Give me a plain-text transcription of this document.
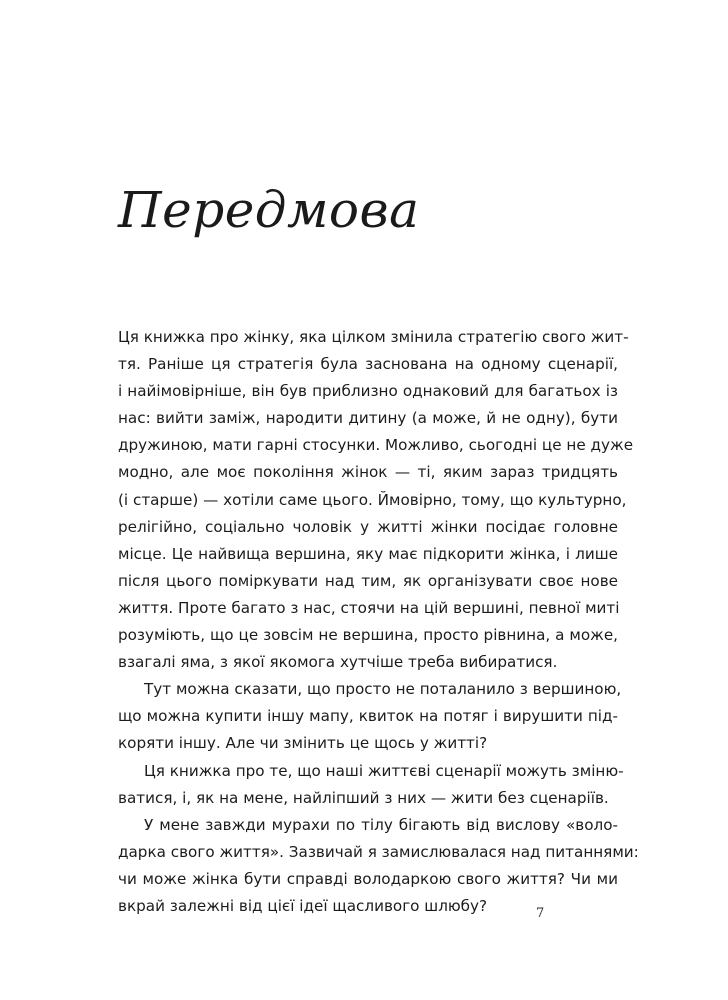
Передмова
Ця книжка про жінку, яка цілком змінила стратегію свого жит-
тя. Раніше ця стратегія була заснована на одному сценарії,
і найімовірніше, він був приблизно однаковий для багатьох із
нас: вийти заміж, народити дитину (а може, й не одну), бути
дружиною, мати гарні стосунки. Можливо, сьогодні це не дуже
модно, але моє покоління жінок — ті, яким зараз тридцять
(і старше) — хотіли саме цього. Ймовірно, тому, що культурно,
релігійно, соціально чоловік у житті жінки посідає головне
місце. Це найвища вершина, яку має підкорити жінка, і лише
після цього поміркувати над тим, як організувати своє нове
життя. Проте багато з нас, стоячи на цій вершині, певної миті
розуміють, що це зовсім не вершина, просто рівнина, а може,
взагалі яма, з якої якомога хутчіше треба вибиратися.
Тут можна сказати, що просто не поталанило з вершиною,
що можна купити іншу мапу, квиток на потяг і вирушити під-
коряти іншу. Але чи змінить це щось у житті?
Ця книжка про те, що наші життєві сценарії можуть зміню-
ватися, і, як на мене, найліпший з них — жити без сценаріїв.
У мене завжди мурахи по тілу бігають від вислову «воло-
дарка свого життя». Зазвичай я замислювалася над питаннями:
чи може жінка бути справді володаркою свого життя? Чи ми
вкрай залежні від цієї ідеї щасливого шлюбу?	7
